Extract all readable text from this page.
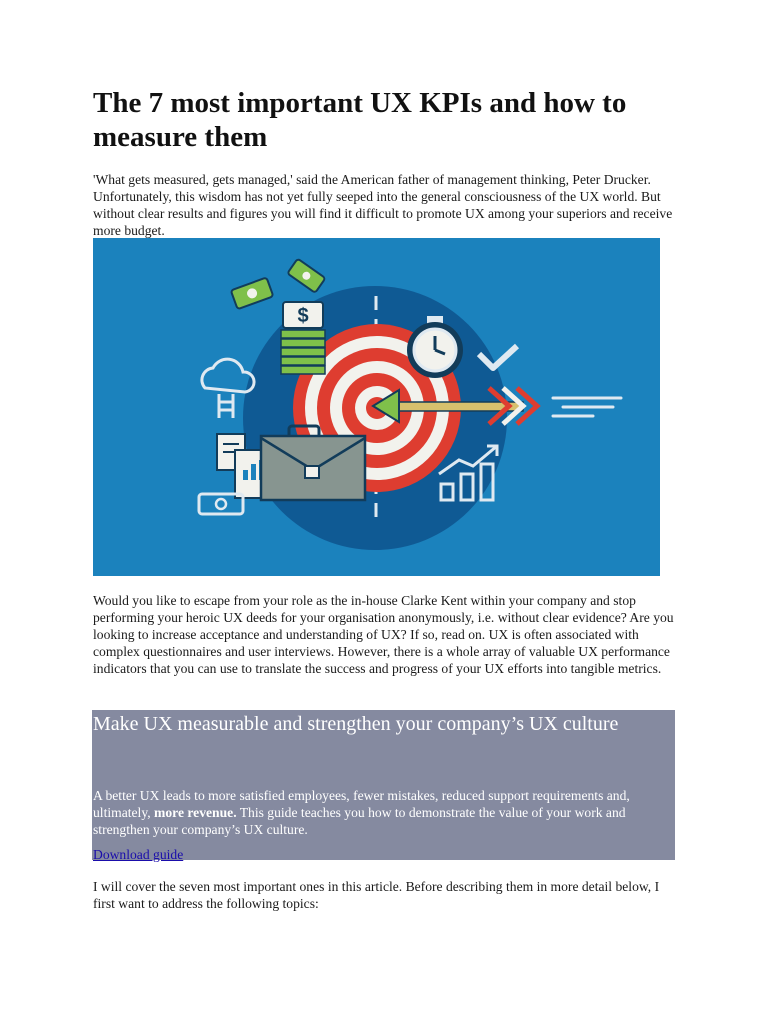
The 7 most important UX KPIs and how to measure them

'What gets measured, gets managed,' said the American father of management thinking, Peter Drucker. Unfortunately, this wisdom has not yet fully seeped into the general consciousness of the UX world. But without clear results and figures you will find it difficult to promote UX among your superiors and receive more budget.

$

Would you like to escape from your role as the in-house Clarke Kent within your company and stop performing your heroic UX deeds for your organisation anonymously, i.e. without clear evidence? Are you looking to increase acceptance and understanding of UX? If so, read on. UX is often associated with complex questionnaires and user interviews. However, there is a whole array of valuable UX performance indicators that you can use to translate the success and progress of your UX efforts into tangible metrics.

Make UX measurable and strengthen your company’s UX culture

A better UX leads to more satisfied employees, fewer mistakes, reduced support requirements and, ultimately, more revenue. This guide teaches you how to demonstrate the value of your work and strengthen your company’s UX culture.

Download guide

I will cover the seven most important ones in this article. Before describing them in more detail below, I first want to address the following topics:
